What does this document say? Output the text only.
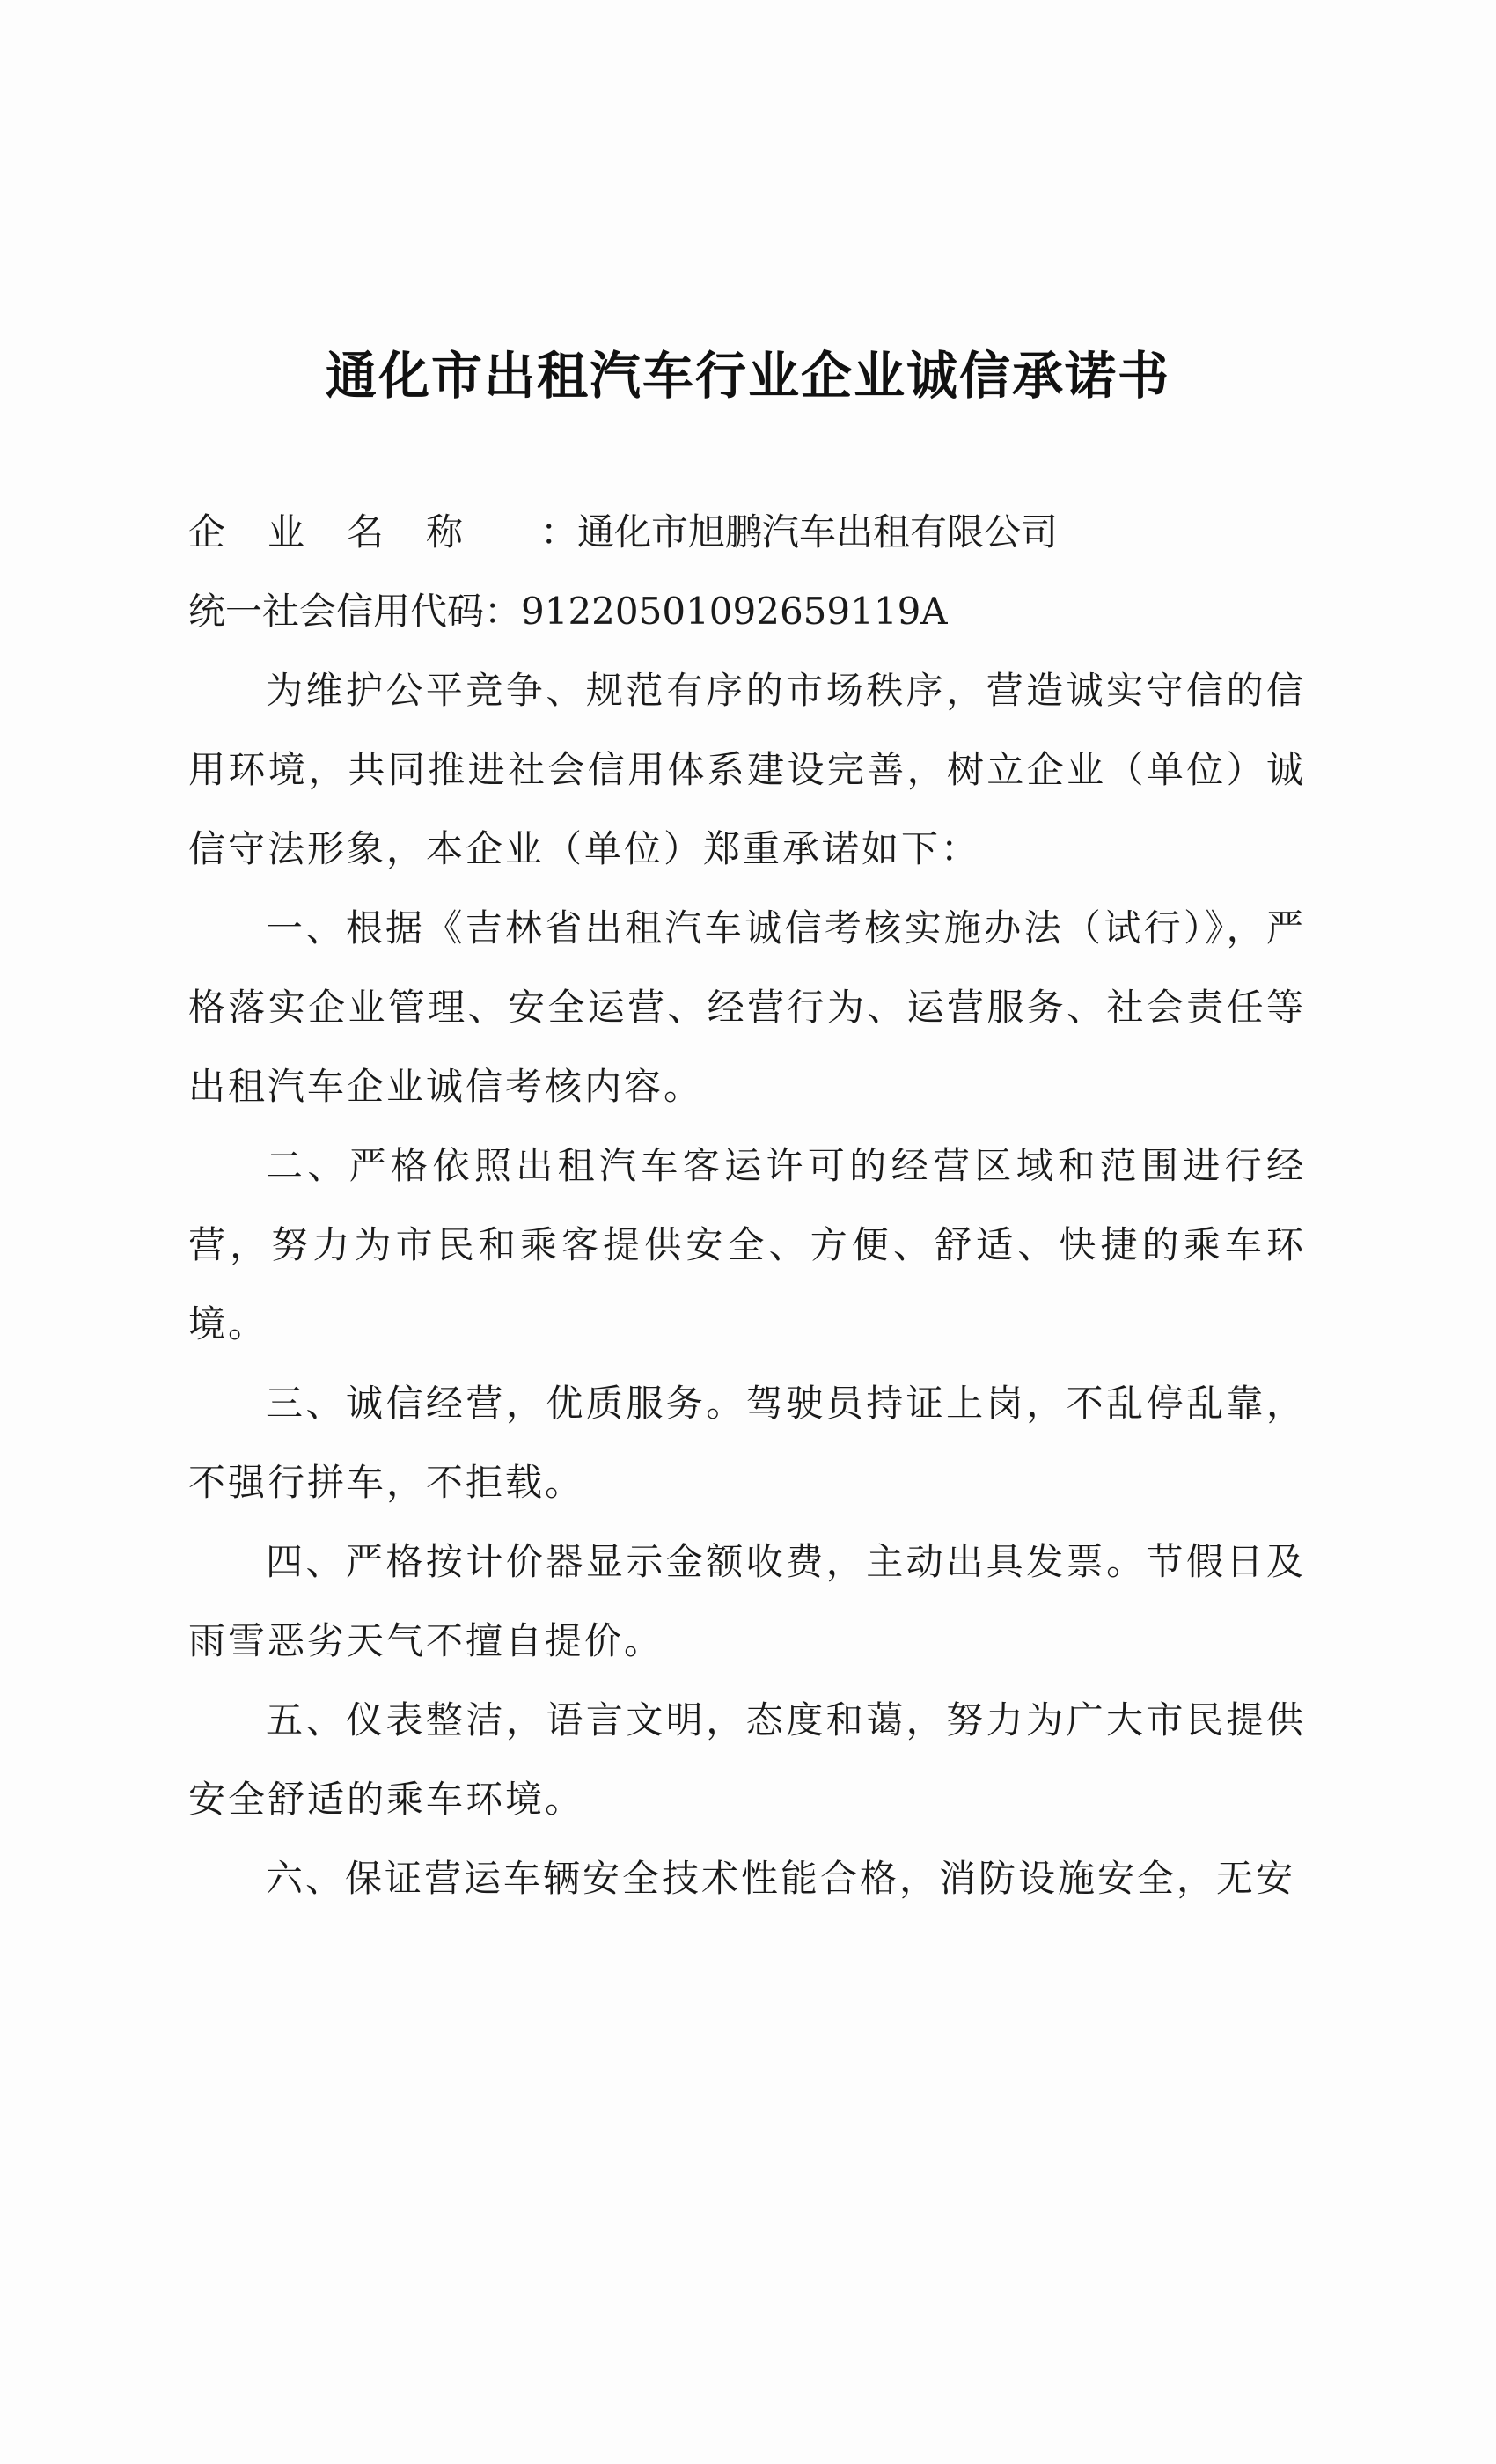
通化市出租汽车行业企业诚信承诺书
企 业 名 称	： 通化市旭鹏汽车出租有限公司
统一社会信用代码： 91220501092659119A

为维护公平竞争、规范有序的市场秩序，营造诚实守信的信用环境，共同推进社会信用体系建设完善，树立企业（单位）诚信守法形象，本企业（单位）郑重承诺如下：

一、根据《吉林省出租汽车诚信考核实施办法（试行）》，严格落实企业管理、安全运营、经营行为、运营服务、社会责任等出租汽车企业诚信考核内容。

二、严格依照出租汽车客运许可的经营区域和范围进行经营，努力为市民和乘客提供安全、方便、舒适、快捷的乘车环境。

三、诚信经营，优质服务。驾驶员持证上岗，不乱停乱靠，不强行拼车，不拒载。

四、严格按计价器显示金额收费，主动出具发票。节假日及雨雪恶劣天气不擅自提价。

五、仪表整洁，语言文明，态度和蔼，努力为广大市民提供安全舒适的乘车环境。

六、保证营运车辆安全技术性能合格，消防设施安全，无安
